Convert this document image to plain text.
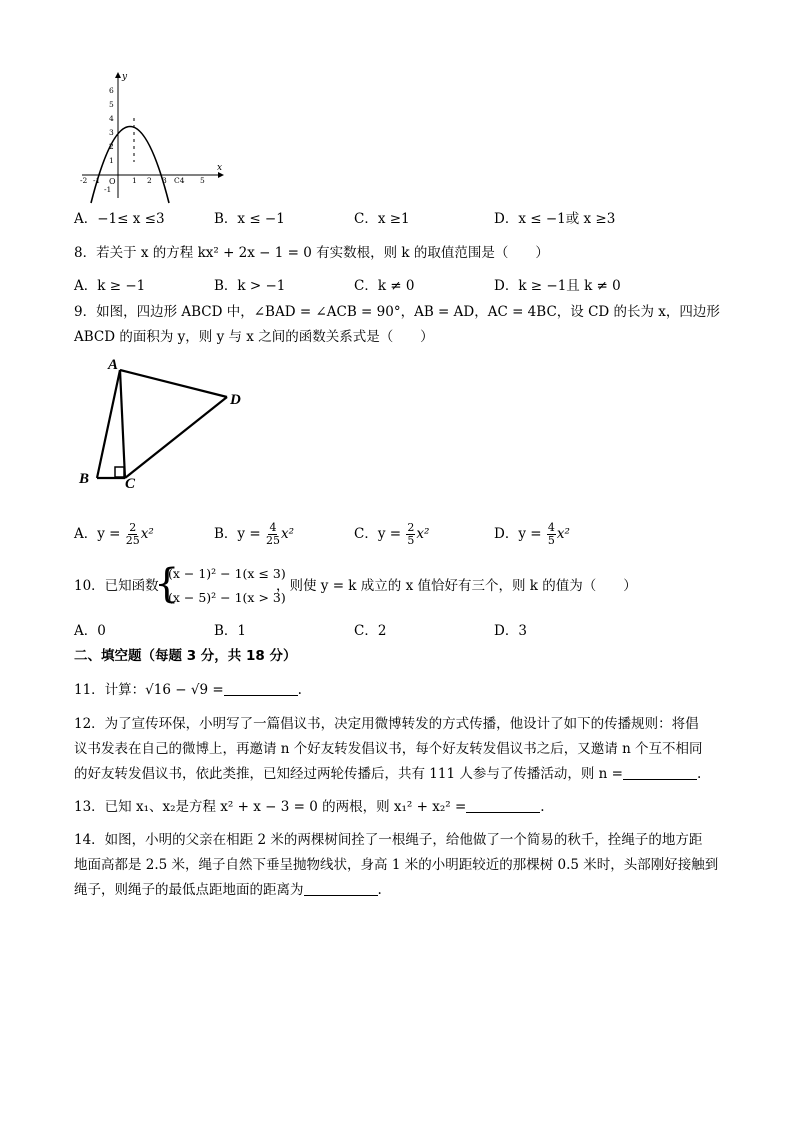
y
x
O
6
5
4
3
2
1
-1
-2 -1	1 2 3 C4 5
A．−1≤ x ≤3	B．x ≤ −1	C．x ≥1	D．x ≤ −1或 x ≥3
8．若关于 x 的方程 kx² + 2x − 1 = 0 有实数根，则 k 的取值范围是（　　）
A．k ≥ −1	B．k > −1	C．k ≠ 0	D．k ≥ −1且 k ≠ 0
9．如图，四边形 ABCD 中，∠BAD = ∠ACB = 90°，AB = AD，AC = 4BC，设 CD 的长为 x，四边形
ABCD 的面积为 y，则 y 与 x 之间的函数关系式是（　　）
A
B C
D
A．$y = \frac{2}{25} x^2$	B．$y = \frac{4}{25} x^2$	C．$y = \frac{2}{5} x^2$	D．$y = \frac{4}{5} x^2$
10．已知函数
{
(x − 1)² − 1(x ≤ 3)
(x − 5)² − 1(x > 3)
，则使 y = k 成立的 x 值恰好有三个，则 k 的值为（　　）
A．0	B．1	C．2	D．3
二、填空题（每题 3 分，共 18 分）
11．计算：√16 − √9 =	.
12．为了宣传环保，小明写了一篇倡议书，决定用微博转发的方式传播，他设计了如下的传播规则：将倡
议书发表在自己的微博上，再邀请 n 个好友转发倡议书，每个好友转发倡议书之后，又邀请 n 个互不相同
的好友转发倡议书，依此类推，已知经过两轮传播后，共有 111 人参与了传播活动，则 n =	.
13．已知 x₁、x₂是方程 x² + x − 3 = 0 的两根，则 x₁² + x₂² =	.
14．如图，小明的父亲在相距 2 米的两棵树间拴了一根绳子，给他做了一个简易的秋千，拴绳子的地方距
地面高都是 2.5 米，绳子自然下垂呈抛物线状，身高 1 米的小明距较近的那棵树 0.5 米时，头部刚好接触到
绳子，则绳子的最低点距地面的距离为	.
